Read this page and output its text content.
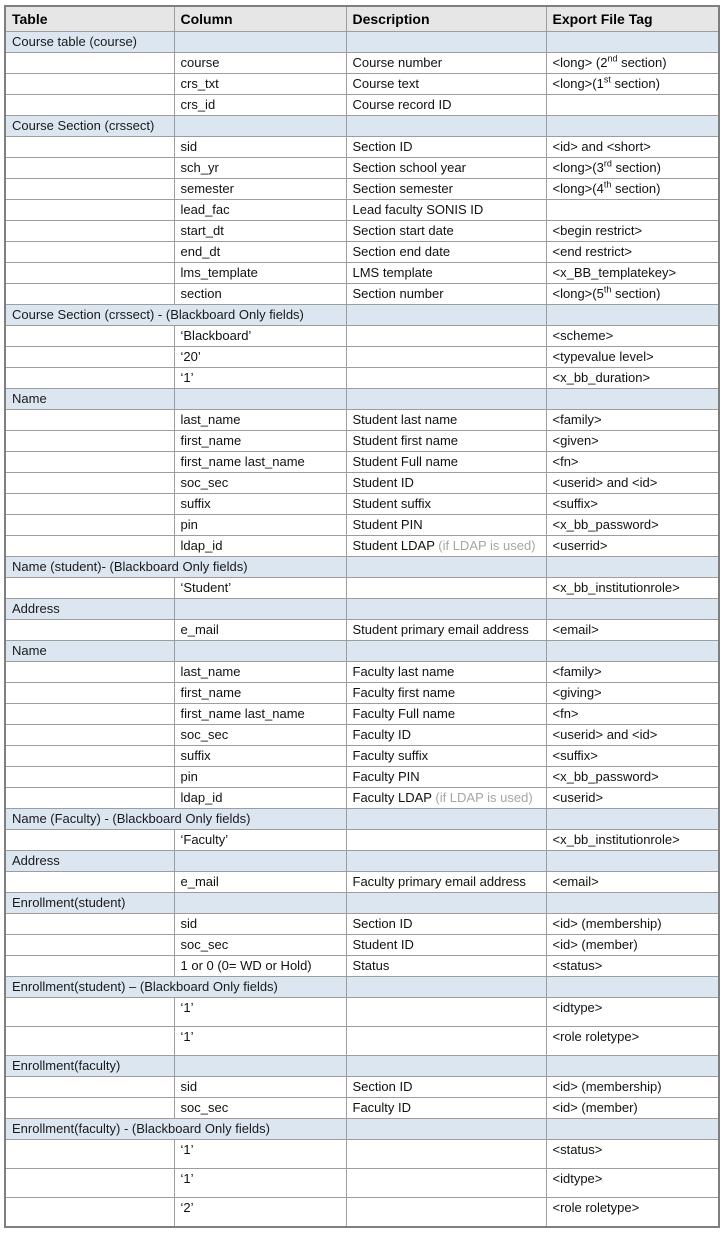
Table	Column	Description	Export File Tag
Course table (course)			
	course	Course number	<long> (2nd section)
	crs_txt	Course text	<long>(1st section)
	crs_id	Course record ID	
Course Section (crssect)			
	sid	Section ID	<id> and <short>
	sch_yr	Section school year	<long>(3rd section)
	semester	Section semester	<long>(4th section)
	lead_fac	Lead faculty SONIS ID	
	start_dt	Section start date	<begin restrict>
	end_dt	Section end date	<end restrict>
	lms_template	LMS template	<x_BB_templatekey>
	section	Section number	<long>(5th section)
Course Section (crssect) - (Blackboard Only fields)			
	‘Blackboard’		<scheme>
	‘20’		<typevalue level>
	‘1’		<x_bb_duration>
Name			
	last_name	Student last name	<family>
	first_name	Student first name	<given>
	first_name last_name	Student Full name	<fn>
	soc_sec	Student ID	<userid> and <id>
	suffix	Student suffix	<suffix>
	pin	Student PIN	<x_bb_password>
	ldap_id	Student LDAP (if LDAP is used)	<userrid>
Name (student)- (Blackboard Only fields)			
	‘Student’		<x_bb_institutionrole>
Address			
	e_mail	Student primary email address	<email>
Name			
	last_name	Faculty last name	<family>
	first_name	Faculty first name	<giving>
	first_name last_name	Faculty Full name	<fn>
	soc_sec	Faculty ID	<userid> and <id>
	suffix	Faculty suffix	<suffix>
	pin	Faculty PIN	<x_bb_password>
	ldap_id	Faculty LDAP (if LDAP is used)	<userid>
Name (Faculty) - (Blackboard Only fields)			
	‘Faculty’		<x_bb_institutionrole>
Address			
	e_mail	Faculty primary email address	<email>
Enrollment(student)			
	sid	Section ID	<id> (membership)
	soc_sec	Student ID	<id> (member)
	1 or 0 (0= WD or Hold)	Status	<status>
Enrollment(student) – (Blackboard Only fields)			
	‘1’		<idtype>
	‘1’		<role roletype>
Enrollment(faculty)			
	sid	Section ID	<id> (membership)
	soc_sec	Faculty ID	<id> (member)
Enrollment(faculty) - (Blackboard Only fields)			
	‘1’		<status>
	‘1’		<idtype>
	‘2’		<role roletype>
